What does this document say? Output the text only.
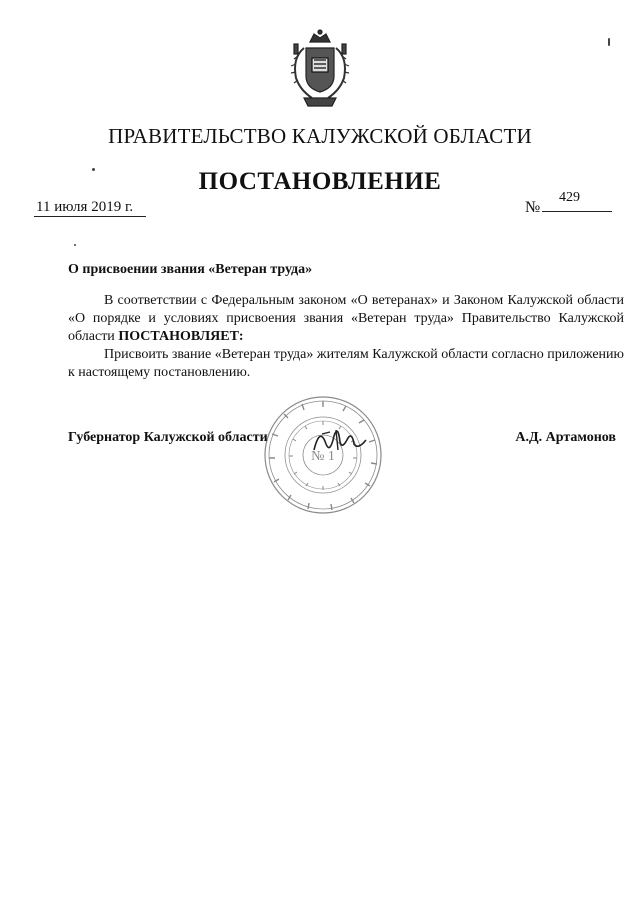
ПРАВИТЕЛЬСТВО КАЛУЖСКОЙ ОБЛАСТИ
ПОСТАНОВЛЕНИЕ
11 июля 2019 г.	№
429
О присвоении звания «Ветеран труда»

В соответствии с Федеральным законом «О ветеранах» и Законом Калужской области «О порядке и условиях присвоения звания «Ветеран труда» Правительство Калужской области ПОСТАНОВЛЯЕТ:

Присвоить звание «Ветеран труда» жителям Калужской области согласно приложению к настоящему постановлению.

№ 1
Губернатор Калужской области	А.Д. Артамонов
